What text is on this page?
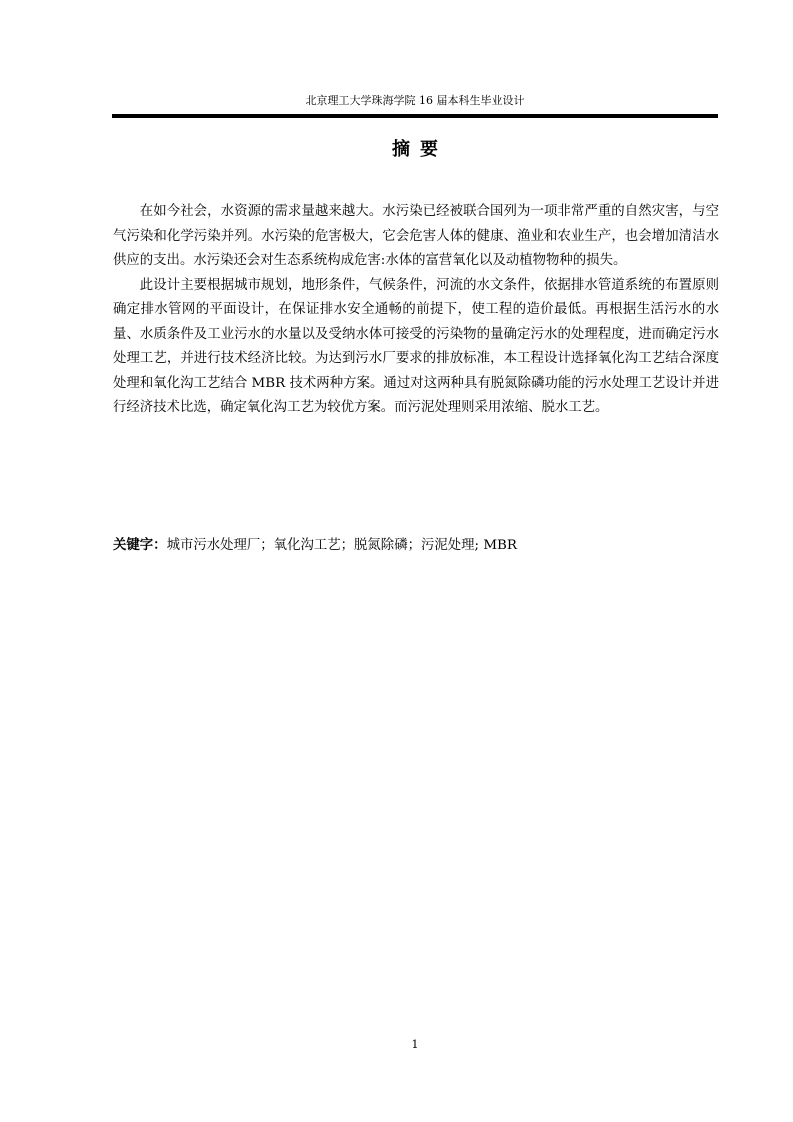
北京理工大学珠海学院 16 届本科生毕业设计
摘要

在如今社会，水资源的需求量越来越大。水污染已经被联合国列为一项非常严重的自然灾害，与空气污染和化学污染并列。水污染的危害极大，它会危害人体的健康、渔业和农业生产，也会增加清洁水供应的支出。水污染还会对生态系统构成危害:水体的富营氧化以及动植物物种的损失。

此设计主要根据城市规划，地形条件，气候条件，河流的水文条件，依据排水管道系统的布置原则确定排水管网的平面设计，在保证排水安全通畅的前提下，使工程的造价最低。再根据生活污水的水量、水质条件及工业污水的水量以及受纳水体可接受的污染物的量确定污水的处理程度，进而确定污水处理工艺，并进行技术经济比较。为达到污水厂要求的排放标准，本工程设计选择氧化沟工艺结合深度处理和氧化沟工艺结合 MBR 技术两种方案。通过对这两种具有脱氮除磷功能的污水处理工艺设计并进行经济技术比选，确定氧化沟工艺为较优方案。而污泥处理则采用浓缩、脱水工艺。

关键字：城市污水处理厂；氧化沟工艺；脱氮除磷；污泥处理; MBR
1
